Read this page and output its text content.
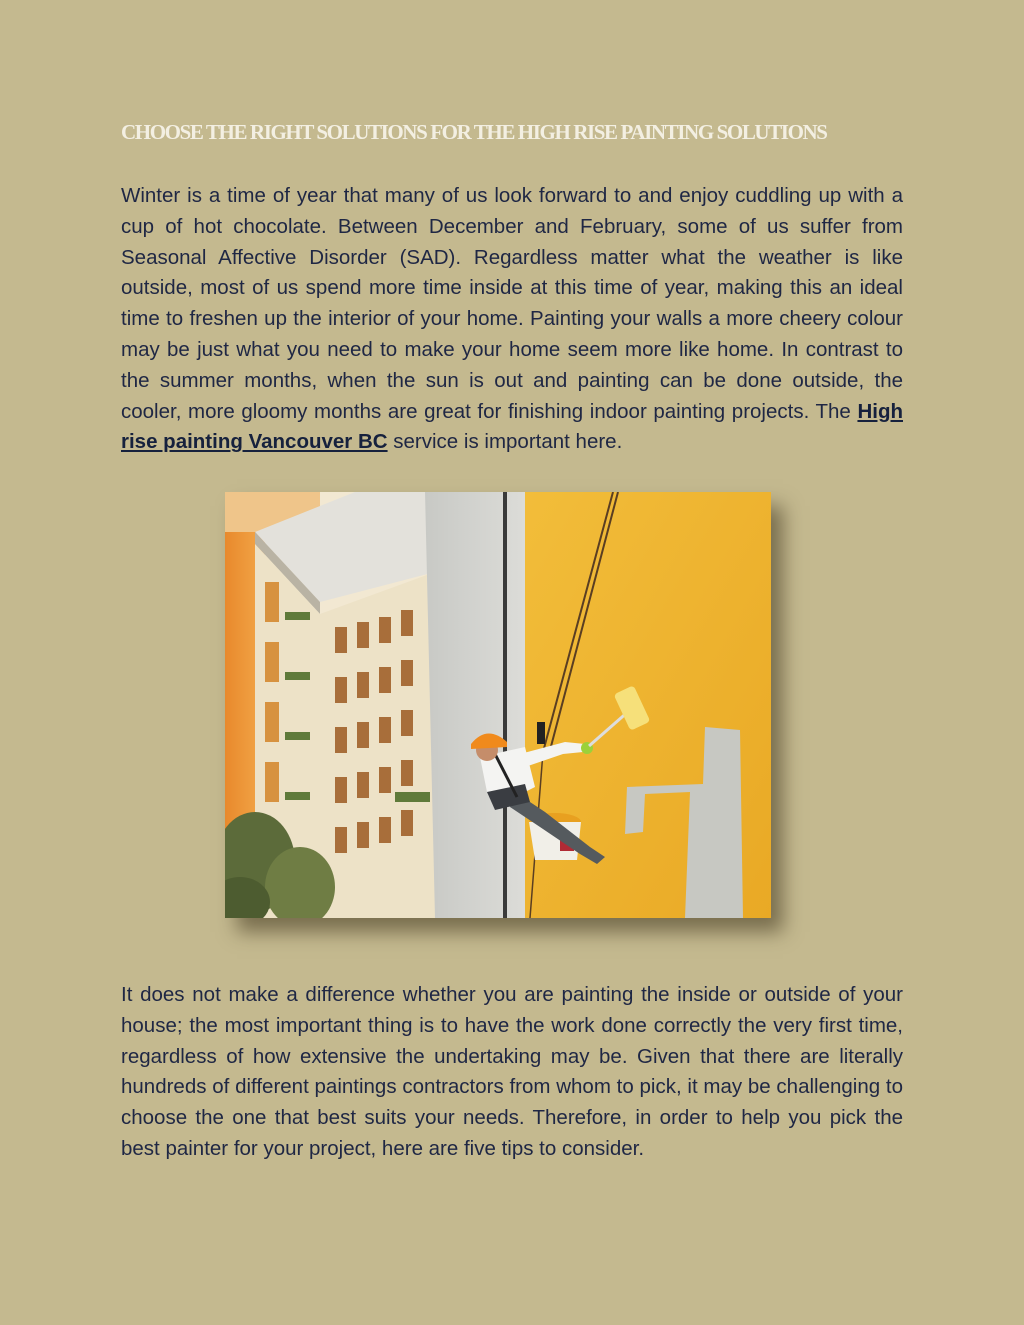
CHOOSE THE RIGHT SOLUTIONS FOR THE HIGH RISE PAINTING SOLUTIONS

Winter is a time of year that many of us look forward to and enjoy cuddling up with a cup of hot chocolate. Between December and February, some of us suffer from Seasonal Affective Disorder (SAD). Regardless matter what the weather is like outside, most of us spend more time inside at this time of year, making this an ideal time to freshen up the interior of your home. Painting your walls a more cheery colour may be just what you need to make your home seem more like home. In contrast to the summer months, when the sun is out and painting can be done outside, the cooler, more gloomy months are great for finishing indoor painting projects. The High rise painting Vancouver BC service is important here.

It does not make a difference whether you are painting the inside or outside of your house; the most important thing is to have the work done correctly the very first time, regardless of how extensive the undertaking may be. Given that there are literally hundreds of different paintings contractors from whom to pick, it may be challenging to choose the one that best suits your needs. Therefore, in order to help you pick the best painter for your project, here are five tips to consider.
